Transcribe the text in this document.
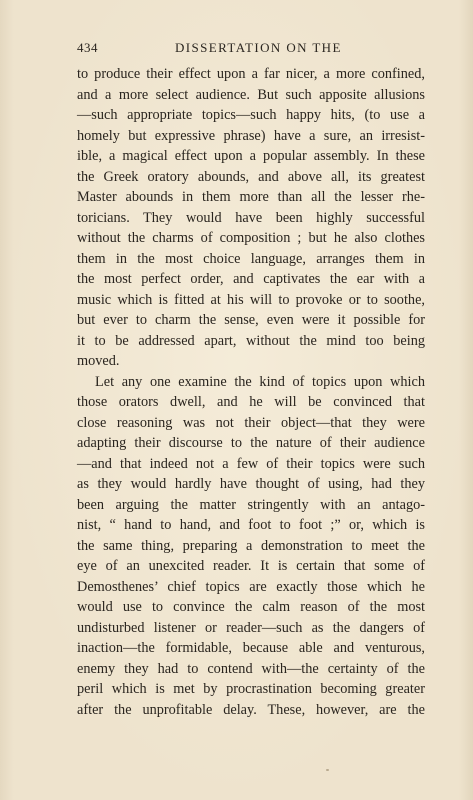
434	DISSERTATION ON THE
to produce their effect upon a far nicer, a more confined,
and a more select audience. But such apposite allusions
—such appropriate topics—such happy hits, (to use a
homely but expressive phrase) have a sure, an irresist-
ible, a magical effect upon a popular assembly. In these
the Greek oratory abounds, and above all, its greatest
Master abounds in them more than all the lesser rhe-
toricians. They would have been highly successful
without the charms of composition ; but he also clothes
them in the most choice language, arranges them in
the most perfect order, and captivates the ear with a
music which is fitted at his will to provoke or to soothe,
but ever to charm the sense, even were it possible for
it to be addressed apart, without the mind too being
moved.
Let any one examine the kind of topics upon which
those orators dwell, and he will be convinced that
close reasoning was not their object—that they were
adapting their discourse to the nature of their audience
—and that indeed not a few of their topics were such
as they would hardly have thought of using, had they
been arguing the matter stringently with an antago-
nist, “ hand to hand, and foot to foot ;” or, which is
the same thing, preparing a demonstration to meet the
eye of an unexcited reader. It is certain that some of
Demosthenes’ chief topics are exactly those which he
would use to convince the calm reason of the most
undisturbed listener or reader—such as the dangers of
inaction—the formidable, because able and venturous,
enemy they had to contend with—the certainty of the
peril which is met by procrastination becoming greater
after the unprofitable delay. These, however, are the
